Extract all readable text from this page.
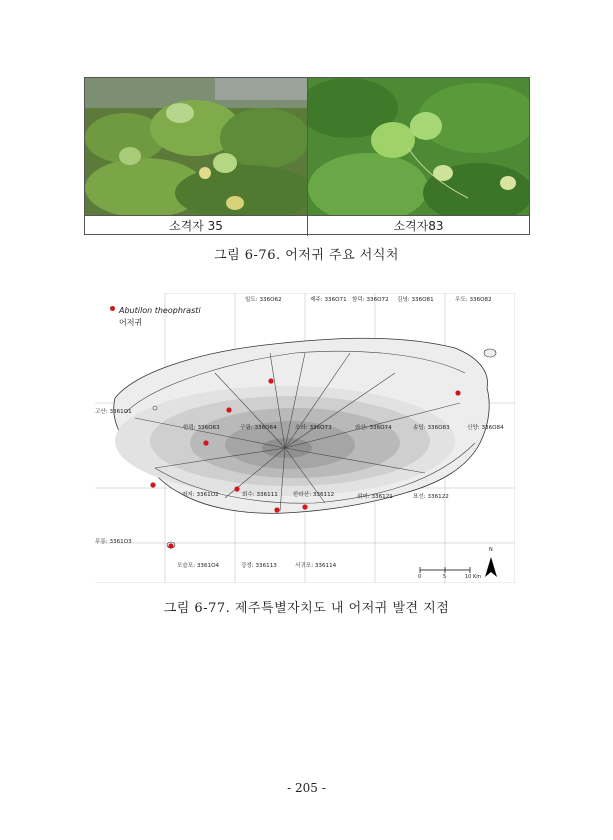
소격자 35	소격자83
그림 6-76. 어저귀 주요 서식처
일도: 336O62	제주: 336O71 함덕: 336O72 김녕: 336O81	우도: 336O82
고산: 3361O1
한림: 336O63	구림: 336O64	오라: 336O73	와산: 336O74	송당: 336O83	신양: 336O84
저지: 3361O2	회수: 336111	한라산: 336112	위미: 336121	표선: 336122
무릉: 3361O3
모슬포: 3361O4	강정: 336113	서귀포: 336114
0	5	10 Km
N
Abutilon theophrasti
어저귀
그림 6-77. 제주특별자치도 내 어저귀 발견 지점
- 205 -
